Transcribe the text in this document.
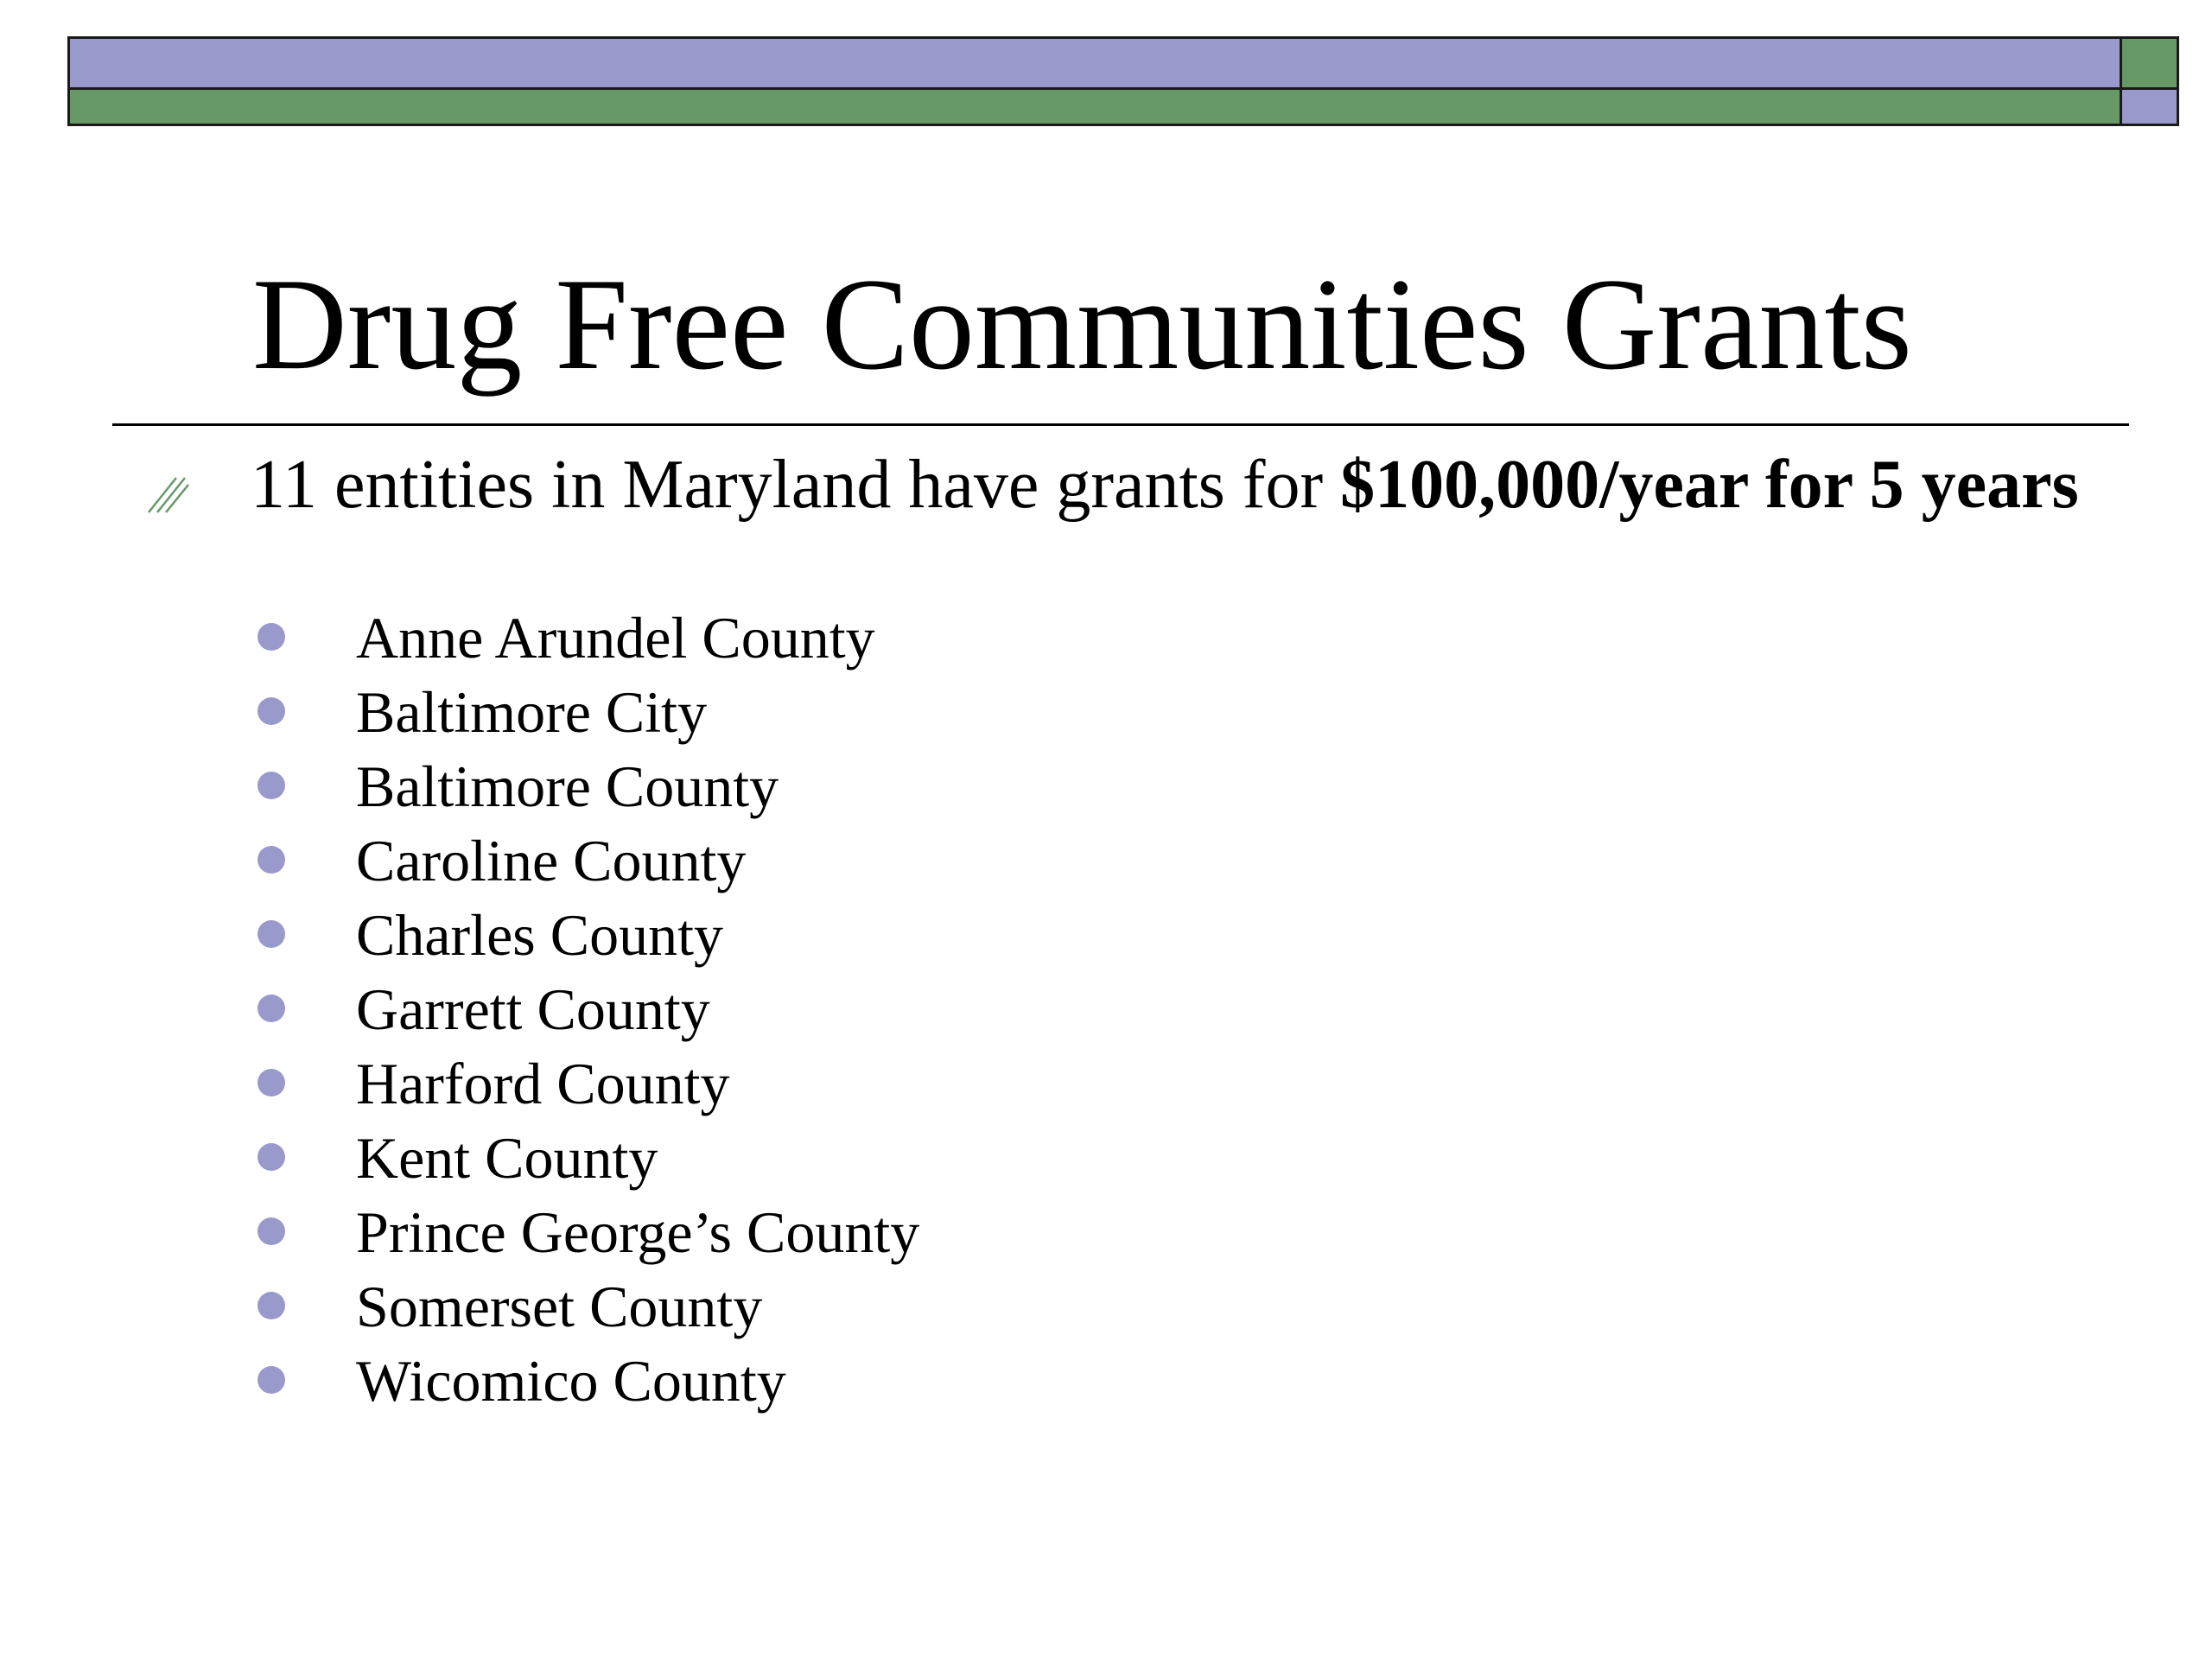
Drug Free Communities Grants
11 entities in Maryland have grants for $100,000/year for 5 years
Anne Arundel County
Baltimore City
Baltimore County
Caroline County
Charles County
Garrett County
Harford County
Kent County
Prince George’s County
Somerset County
Wicomico County
